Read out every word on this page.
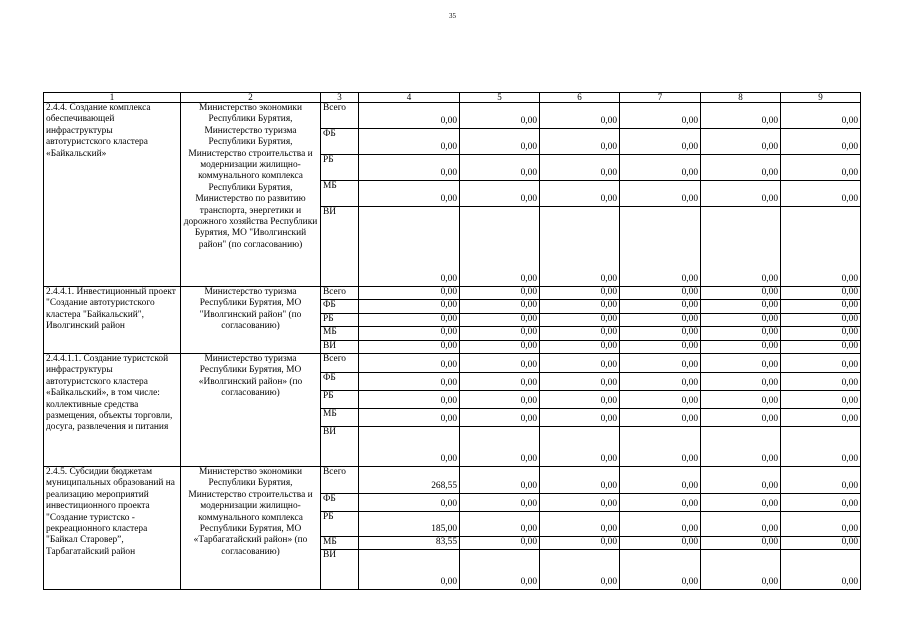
35
1	2	3	4	5	6	7	8	9
2.4.4. Создание комплекса обеспечивающей инфраструктуры автотуристского кластера «Байкальский»	Министерство экономики Республики Бурятия, Министерство туризма Республики Бурятия, Министерство строительства и модернизации жилищно-коммунального комплекса Республики Бурятия, Министерство по развитию транспорта, энергетики и дорожного хозяйства Республики Бурятия, МО "Иволгинский район" (по согласованию)	Всего	0,00	0,00	0,00	0,00	0,00	0,00
		ФБ	0,00	0,00	0,00	0,00	0,00	0,00
		РБ	0,00	0,00	0,00	0,00	0,00	0,00
		МБ	0,00	0,00	0,00	0,00	0,00	0,00
		ВИ	0,00	0,00	0,00	0,00	0,00	0,00
2.4.4.1. Инвестиционный проект "Создание автотуристского кластера "Байкальский", Иволгинский район	Министерство туризма Республики Бурятия, МО "Иволгинский район" (по согласованию)	Всего	0,00	0,00	0,00	0,00	0,00	0,00
		ФБ	0,00	0,00	0,00	0,00	0,00	0,00
		РБ	0,00	0,00	0,00	0,00	0,00	0,00
		МБ	0,00	0,00	0,00	0,00	0,00	0,00
		ВИ	0,00	0,00	0,00	0,00	0,00	0,00
2.4.4.1.1. Создание туристской инфраструктуры автотуристского кластера «Байкальский», в том числе: коллективные средства размещения, объекты торговли, досуга, развлечения и питания	Министерство туризма Республики Бурятия, МО «Иволгинский район» (по согласованию)	Всего	0,00	0,00	0,00	0,00	0,00	0,00
		ФБ	0,00	0,00	0,00	0,00	0,00	0,00
		РБ	0,00	0,00	0,00	0,00	0,00	0,00
		МБ	0,00	0,00	0,00	0,00	0,00	0,00
		ВИ	0,00	0,00	0,00	0,00	0,00	0,00
2.4.5. Субсидии бюджетам муниципальных образований на реализацию мероприятий инвестиционного проекта "Создание туристско - рекреационного кластера "Байкал Староверˮ, Тарбагатайский район	Министерство экономики Республики Бурятия, Министерство строительства и модернизации жилищно-коммунального комплекса Республики Бурятия, МО «Тарбагатайский район» (по согласованию)	Всего	268,55	0,00	0,00	0,00	0,00	0,00
		ФБ	0,00	0,00	0,00	0,00	0,00	0,00
		РБ	185,00	0,00	0,00	0,00	0,00	0,00
		МБ	83,55	0,00	0,00	0,00	0,00	0,00
		ВИ	0,00	0,00	0,00	0,00	0,00	0,00
